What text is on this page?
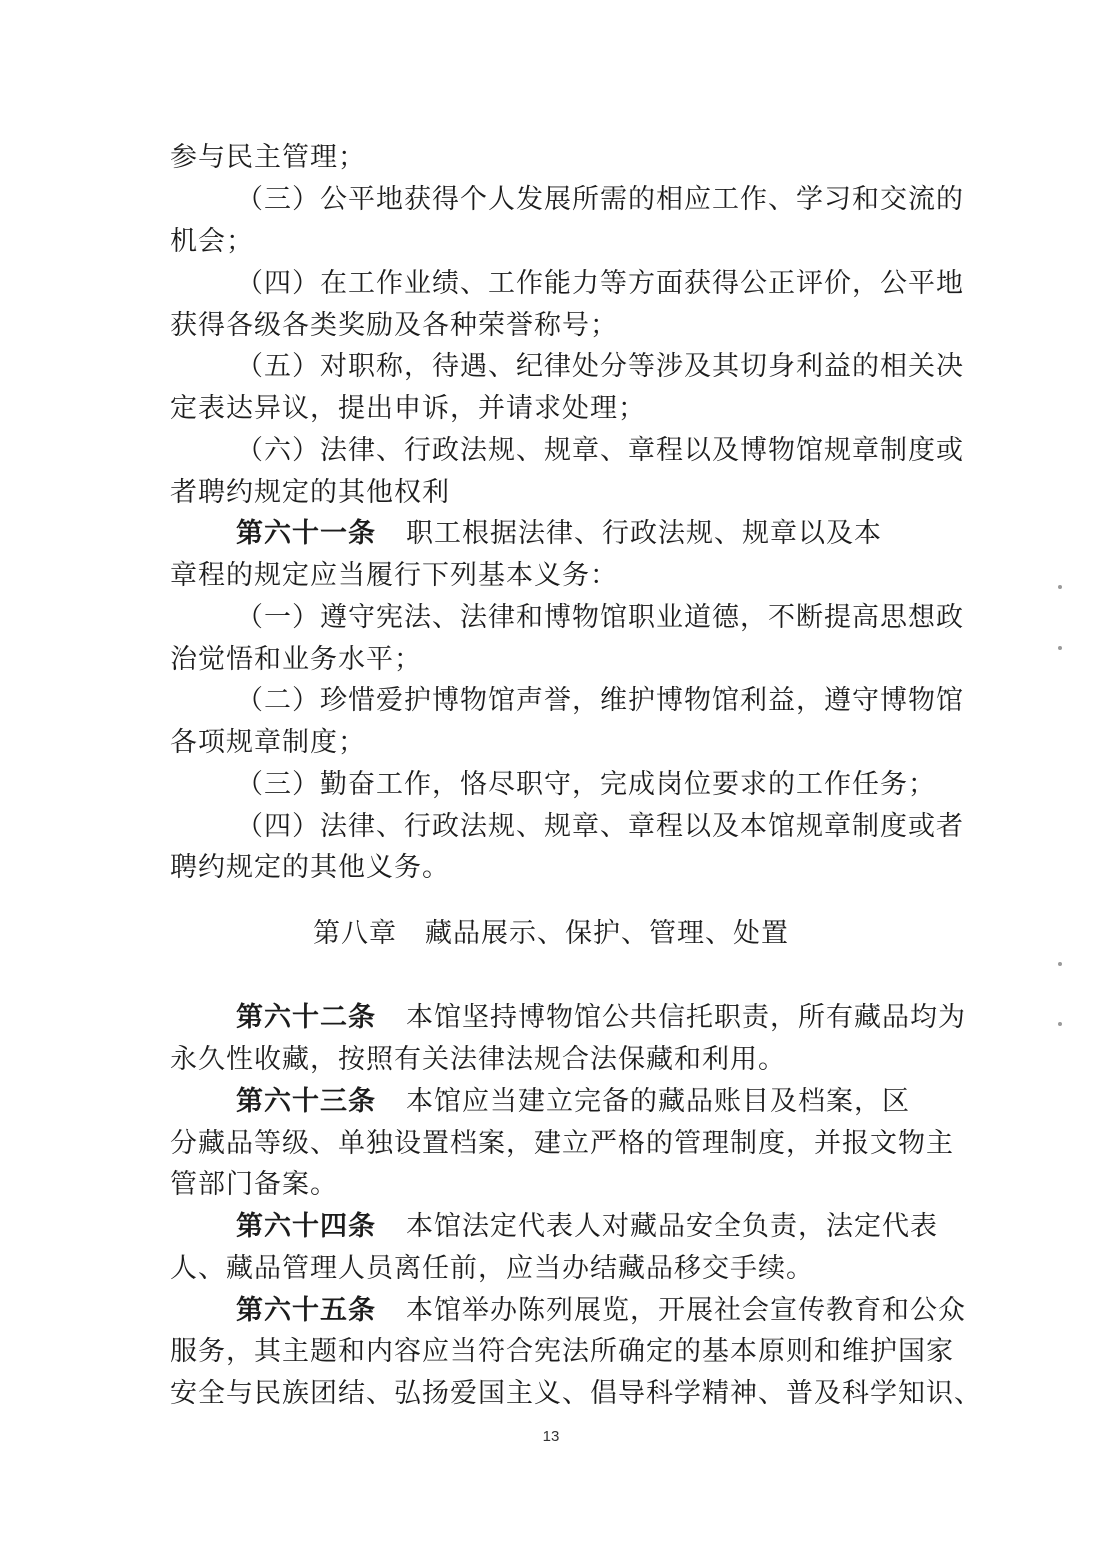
参与民主管理；
（三）公平地获得个人发展所需的相应工作、学习和交流的
机会；
（四）在工作业绩、工作能力等方面获得公正评价，公平地
获得各级各类奖励及各种荣誉称号；
（五）对职称，待遇、纪律处分等涉及其切身利益的相关决
定表达异议，提出申诉，并请求处理；
（六）法律、行政法规、规章、章程以及博物馆规章制度或
者聘约规定的其他权利
第六十一条 职工根据法律、行政法规、规章以及本
章程的规定应当履行下列基本义务：
（一）遵守宪法、法律和博物馆职业道德，不断提高思想政
治觉悟和业务水平；
（二）珍惜爱护博物馆声誉，维护博物馆利益，遵守博物馆
各项规章制度；
（三）勤奋工作，恪尽职守，完成岗位要求的工作任务；
（四）法律、行政法规、规章、章程以及本馆规章制度或者
聘约规定的其他义务。
第八章 藏品展示、保护、管理、处置
第六十二条 本馆坚持博物馆公共信托职责，所有藏品均为
永久性收藏，按照有关法律法规合法保藏和利用。
第六十三条 本馆应当建立完备的藏品账目及档案，区
分藏品等级、单独设置档案，建立严格的管理制度，并报文物主
管部门备案。
第六十四条 本馆法定代表人对藏品安全负责，法定代表
人、藏品管理人员离任前，应当办结藏品移交手续。
第六十五条 本馆举办陈列展览，开展社会宣传教育和公众
服务，其主题和内容应当符合宪法所确定的基本原则和维护国家
安全与民族团结、弘扬爱国主义、倡导科学精神、普及科学知识、
13
